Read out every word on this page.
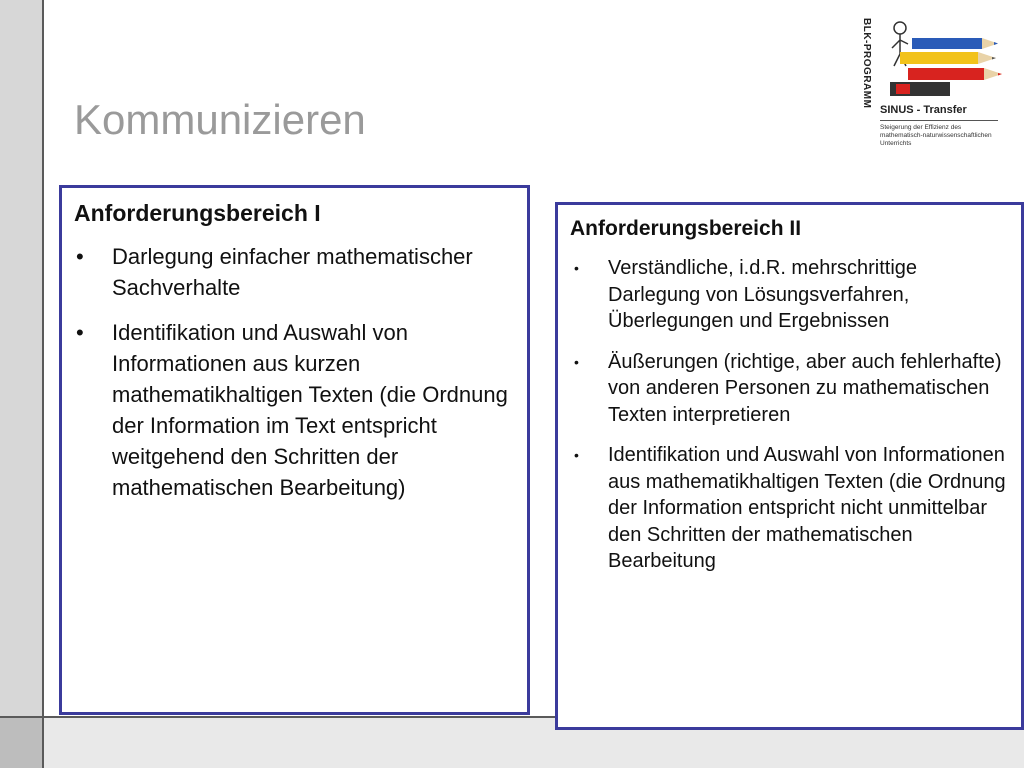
Kommunizieren
BLK-PROGRAMM
SINUS - Transfer
Steigerung der Effizienz des mathematisch-naturwissenschaftlichen Unterrichts
Anforderungsbereich I
• Darlegung einfacher mathematischer Sachverhalte
• Identifikation und Auswahl von Informationen aus kurzen mathematikhaltigen Texten (die Ordnung der Information im Text entspricht weitgehend den Schritten der mathematischen Bearbeitung)
Anforderungsbereich II
• Verständliche, i.d.R. mehrschrittige Darlegung von Lösungsverfahren, Überlegungen und Ergebnissen
• Äußerungen (richtige, aber auch fehlerhafte) von anderen Personen zu mathematischen Texten interpretieren
• Identifikation und Auswahl von Informationen aus mathematikhaltigen Texten (die Ordnung der Information entspricht nicht unmittelbar den Schritten der mathematischen Bearbeitung
